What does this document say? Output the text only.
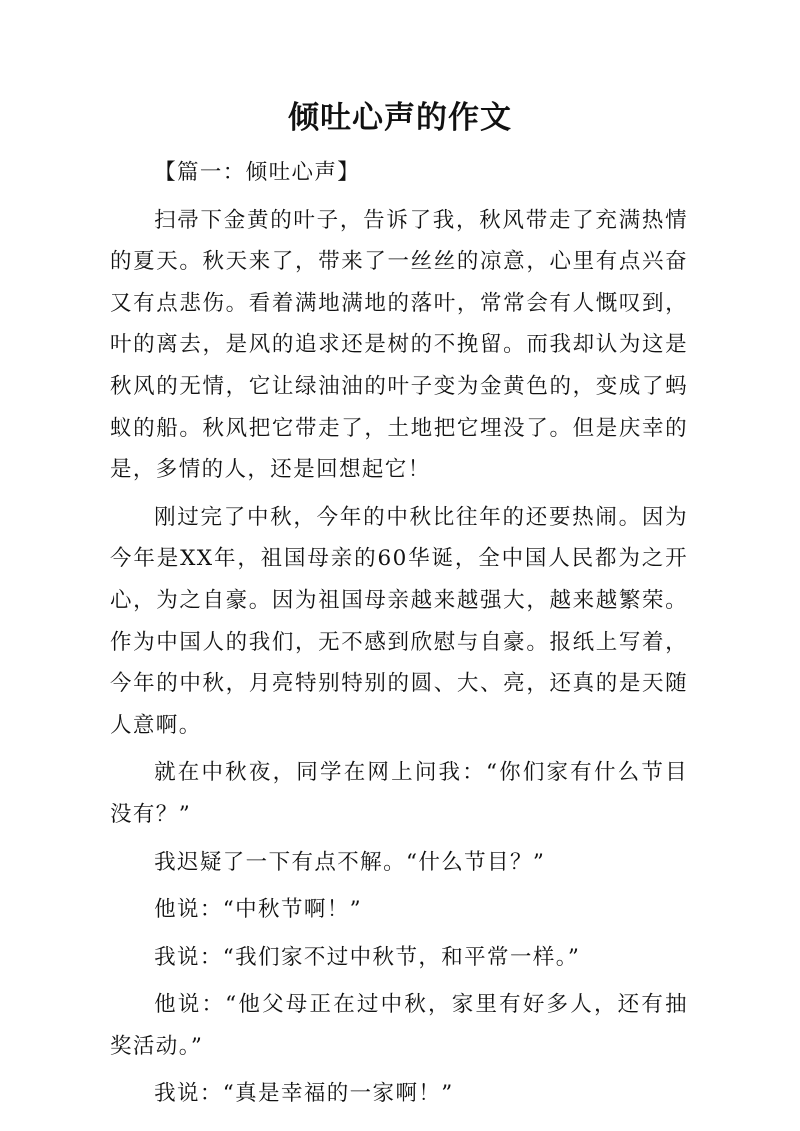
倾吐心声的作文

【篇一：倾吐心声】

扫帚下金黄的叶子，告诉了我，秋风带走了充满热情的夏天。秋天来了，带来了一丝丝的凉意，心里有点兴奋又有点悲伤。看着满地满地的落叶，常常会有人慨叹到，叶的离去，是风的追求还是树的不挽留。而我却认为这是秋风的无情，它让绿油油的叶子变为金黄色的，变成了蚂蚁的船。秋风把它带走了，土地把它埋没了。但是庆幸的是，多情的人，还是回想起它！

刚过完了中秋，今年的中秋比往年的还要热闹。因为今年是XX年，祖国母亲的60华诞，全中国人民都为之开心，为之自豪。因为祖国母亲越来越强大，越来越繁荣。作为中国人的我们，无不感到欣慰与自豪。报纸上写着，今年的中秋，月亮特别特别的圆、大、亮，还真的是天随人意啊。

就在中秋夜，同学在网上问我：“你们家有什么节目没有？”

我迟疑了一下有点不解。“什么节目？”

他说：“中秋节啊！”

我说：“我们家不过中秋节，和平常一样。”

他说：“他父母正在过中秋，家里有好多人，还有抽奖活动。”

我说：“真是幸福的一家啊！”
